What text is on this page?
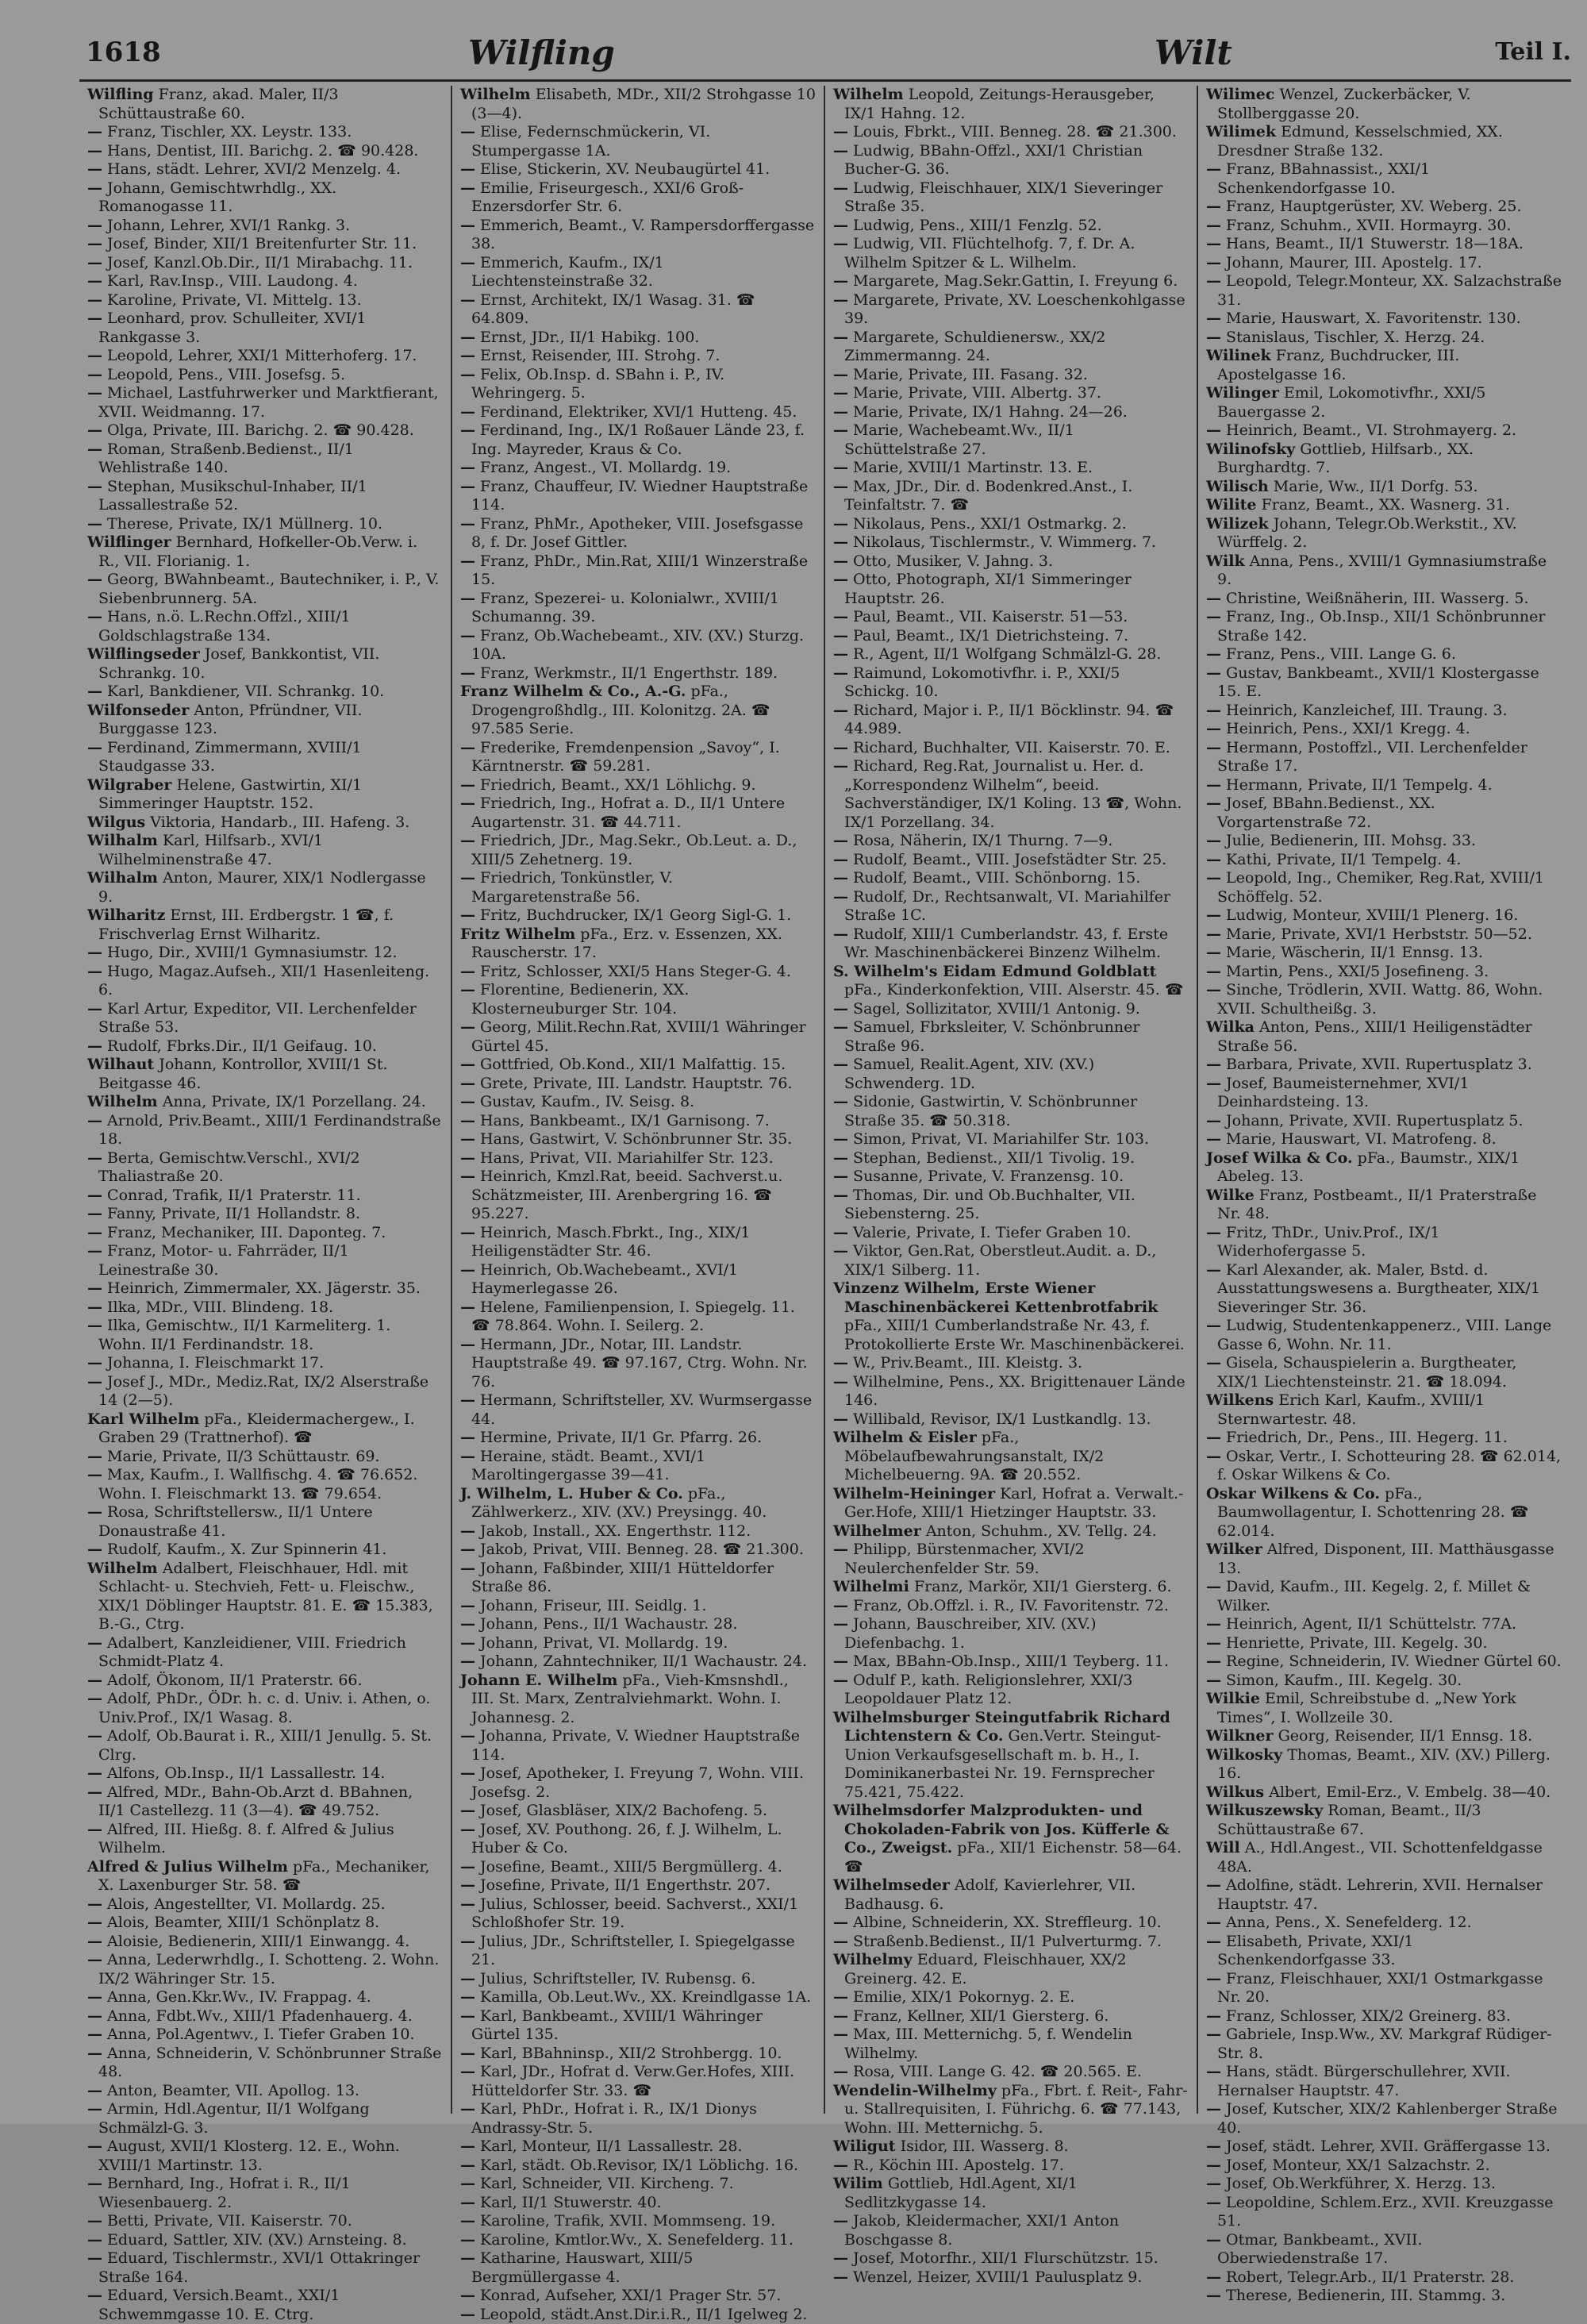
1618	Wilfling	Wilt	Teil I.

Wilfling Franz, akad. Maler, II/3 Schüttaustraße 60.

— Franz, Tischler, XX. Leystr. 133.

— Hans, Dentist, III. Barichg. 2. ☎ 90.428.

— Hans, städt. Lehrer, XVI/2 Menzelg. 4.

— Johann, Gemischtwrhdlg., XX. Romanogasse 11.

— Johann, Lehrer, XVI/1 Rankg. 3.

— Josef, Binder, XII/1 Breitenfurter Str. 11.

— Josef, Kanzl.Ob.Dir., II/1 Mirabachg. 11.

— Karl, Rav.Insp., VIII. Laudong. 4.

— Karoline, Private, VI. Mittelg. 13.

— Leonhard, prov. Schulleiter, XVI/1 Rankgasse 3.

— Leopold, Lehrer, XXI/1 Mitterhoferg. 17.

— Leopold, Pens., VIII. Josefsg. 5.

— Michael, Lastfuhrwerker und Marktfierant, XVII. Weidmanng. 17.

— Olga, Private, III. Barichg. 2. ☎ 90.428.

— Roman, Straßenb.Bedienst., II/1 Wehlistraße 140.

— Stephan, Musikschul-Inhaber, II/1 Lassallestraße 52.

— Therese, Private, IX/1 Müllnerg. 10.

Wilflinger Bernhard, Hofkeller-Ob.Verw. i. R., VII. Florianig. 1.

— Georg, BWahnbeamt., Bautechniker, i. P., V. Siebenbrunnerg. 5A.

— Hans, n.ö. L.Rechn.Offzl., XIII/1 Goldschlagstraße 134.

Wilflingseder Josef, Bankkontist, VII. Schrankg. 10.

— Karl, Bankdiener, VII. Schrankg. 10.

Wilfonseder Anton, Pfründner, VII. Burggasse 123.

— Ferdinand, Zimmermann, XVIII/1 Staudgasse 33.

Wilgraber Helene, Gastwirtin, XI/1 Simmeringer Hauptstr. 152.

Wilgus Viktoria, Handarb., III. Hafeng. 3.

Wilhalm Karl, Hilfsarb., XVI/1 Wilhelminenstraße 47.

Wilhalm Anton, Maurer, XIX/1 Nodlergasse 9.

Wilharitz Ernst, III. Erdbergstr. 1 ☎, f. Frischverlag Ernst Wilharitz.

— Hugo, Dir., XVIII/1 Gymnasiumstr. 12.

— Hugo, Magaz.Aufseh., XII/1 Hasenleiteng. 6.

— Karl Artur, Expeditor, VII. Lerchenfelder Straße 53.

— Rudolf, Fbrks.Dir., II/1 Geifaug. 10.

Wilhaut Johann, Kontrollor, XVIII/1 St. Beitgasse 46.

Wilhelm Anna, Private, IX/1 Porzellang. 24.

— Arnold, Priv.Beamt., XIII/1 Ferdinandstraße 18.

— Berta, Gemischtw.Verschl., XVI/2 Thaliastraße 20.

— Conrad, Trafik, II/1 Praterstr. 11.

— Fanny, Private, II/1 Hollandstr. 8.

— Franz, Mechaniker, III. Daponteg. 7.

— Franz, Motor- u. Fahrräder, II/1 Leinestraße 30.

— Heinrich, Zimmermaler, XX. Jägerstr. 35.

— Ilka, MDr., VIII. Blindeng. 18.

— Ilka, Gemischtw., II/1 Karmeliterg. 1. Wohn. II/1 Ferdinandstr. 18.

— Johanna, I. Fleischmarkt 17.

— Josef J., MDr., Mediz.Rat, IX/2 Alserstraße 14 (2—5).

Karl Wilhelm pFa., Kleidermachergew., I. Graben 29 (Trattnerhof). ☎

— Marie, Private, II/3 Schüttaustr. 69.

— Max, Kaufm., I. Wallfischg. 4. ☎ 76.652. Wohn. I. Fleischmarkt 13. ☎ 79.654.

— Rosa, Schriftstellersw., II/1 Untere Donaustraße 41.

— Rudolf, Kaufm., X. Zur Spinnerin 41.

Wilhelm Adalbert, Fleischhauer, Hdl. mit Schlacht- u. Stechvieh, Fett- u. Fleischw., XIX/1 Döblinger Hauptstr. 81. E. ☎ 15.383, B.-G., Ctrg.

— Adalbert, Kanzleidiener, VIII. Friedrich Schmidt-Platz 4.

— Adolf, Ökonom, II/1 Praterstr. 66.

— Adolf, PhDr., ÖDr. h. c. d. Univ. i. Athen, o. Univ.Prof., IX/1 Wasag. 8.

— Adolf, Ob.Baurat i. R., XIII/1 Jenullg. 5. St. Clrg.

— Alfons, Ob.Insp., II/1 Lassallestr. 14.

— Alfred, MDr., Bahn-Ob.Arzt d. BBahnen, II/1 Castellezg. 11 (3—4). ☎ 49.752.

— Alfred, III. Hießg. 8. f. Alfred & Julius Wilhelm.

Alfred & Julius Wilhelm pFa., Mechaniker, X. Laxenburger Str. 58. ☎

— Alois, Angestellter, VI. Mollardg. 25.

— Alois, Beamter, XIII/1 Schönplatz 8.

— Aloisie, Bedienerin, XIII/1 Einwangg. 4.

— Anna, Lederwrhdlg., I. Schotteng. 2. Wohn. IX/2 Währinger Str. 15.

— Anna, Gen.Kkr.Wv., IV. Frappag. 4.

— Anna, Fdbt.Wv., XIII/1 Pfadenhauerg. 4.

— Anna, Pol.Agentwv., I. Tiefer Graben 10.

— Anna, Schneiderin, V. Schönbrunner Straße 48.

— Anton, Beamter, VII. Apollog. 13.

— Armin, Hdl.Agentur, II/1 Wolfgang Schmälzl-G. 3.

— August, XVII/1 Klosterg. 12. E., Wohn. XVIII/1 Martinstr. 13.

— Bernhard, Ing., Hofrat i. R., II/1 Wiesenbauerg. 2.

— Betti, Private, VII. Kaiserstr. 70.

— Eduard, Sattler, XIV. (XV.) Arnsteing. 8.

— Eduard, Tischlermstr., XVI/1 Ottakringer Straße 164.

— Eduard, Versich.Beamt., XXI/1 Schwemmgasse 10. E. Ctrg.

Wilhelm Elisabeth, MDr., XII/2 Strohgasse 10 (3—4).

— Elise, Federnschmückerin, VI. Stumpergasse 1A.

— Elise, Stickerin, XV. Neubaugürtel 41.

— Emilie, Friseurgesch., XXI/6 Groß-Enzersdorfer Str. 6.

— Emmerich, Beamt., V. Rampersdorffergasse 38.

— Emmerich, Kaufm., IX/1 Liechtensteinstraße 32.

— Ernst, Architekt, IX/1 Wasag. 31. ☎ 64.809.

— Ernst, JDr., II/1 Habikg. 100.

— Ernst, Reisender, III. Strohg. 7.

— Felix, Ob.Insp. d. SBahn i. P., IV. Wehringerg. 5.

— Ferdinand, Elektriker, XVI/1 Hutteng. 45.

— Ferdinand, Ing., IX/1 Roßauer Lände 23, f. Ing. Mayreder, Kraus & Co.

— Franz, Angest., VI. Mollardg. 19.

— Franz, Chauffeur, IV. Wiedner Hauptstraße 114.

— Franz, PhMr., Apotheker, VIII. Josefsgasse 8, f. Dr. Josef Gittler.

— Franz, PhDr., Min.Rat, XIII/1 Winzerstraße 15.

— Franz, Spezerei- u. Kolonialwr., XVIII/1 Schumanng. 39.

— Franz, Ob.Wachebeamt., XIV. (XV.) Sturzg. 10A.

— Franz, Werkmstr., II/1 Engerthstr. 189.

Franz Wilhelm & Co., A.-G. pFa., Drogengroßhdlg., III. Kolonitzg. 2A. ☎ 97.585 Serie.

— Frederike, Fremdenpension „Savoy“, I. Kärntnerstr. ☎ 59.281.

— Friedrich, Beamt., XX/1 Löhlichg. 9.

— Friedrich, Ing., Hofrat a. D., II/1 Untere Augartenstr. 31. ☎ 44.711.

— Friedrich, JDr., Mag.Sekr., Ob.Leut. a. D., XIII/5 Zehetnerg. 19.

— Friedrich, Tonkünstler, V. Margaretenstraße 56.

— Fritz, Buchdrucker, IX/1 Georg Sigl-G. 1.

Fritz Wilhelm pFa., Erz. v. Essenzen, XX. Rauscherstr. 17.

— Fritz, Schlosser, XXI/5 Hans Steger-G. 4.

— Florentine, Bedienerin, XX. Klosterneuburger Str. 104.

— Georg, Milit.Rechn.Rat, XVIII/1 Währinger Gürtel 45.

— Gottfried, Ob.Kond., XII/1 Malfattig. 15.

— Grete, Private, III. Landstr. Hauptstr. 76.

— Gustav, Kaufm., IV. Seisg. 8.

— Hans, Bankbeamt., IX/1 Garnisong. 7.

— Hans, Gastwirt, V. Schönbrunner Str. 35.

— Hans, Privat, VII. Mariahilfer Str. 123.

— Heinrich, Kmzl.Rat, beeid. Sachverst.u. Schätzmeister, III. Arenbergring 16. ☎ 95.227.

— Heinrich, Masch.Fbrkt., Ing., XIX/1 Heiligenstädter Str. 46.

— Heinrich, Ob.Wachebeamt., XVI/1 Haymerlegasse 26.

— Helene, Familienpension, I. Spiegelg. 11. ☎ 78.864. Wohn. I. Seilerg. 2.

— Hermann, JDr., Notar, III. Landstr. Hauptstraße 49. ☎ 97.167, Ctrg. Wohn. Nr. 76.

— Hermann, Schriftsteller, XV. Wurmsergasse 44.

— Hermine, Private, II/1 Gr. Pfarrg. 26.

— Heraine, städt. Beamt., XVI/1 Maroltingergasse 39—41.

J. Wilhelm, L. Huber & Co. pFa., Zählwerkerz., XIV. (XV.) Preysingg. 40.

— Jakob, Install., XX. Engerthstr. 112.

— Jakob, Privat, VIII. Benneg. 28. ☎ 21.300.

— Johann, Faßbinder, XIII/1 Hütteldorfer Straße 86.

— Johann, Friseur, III. Seidlg. 1.

— Johann, Pens., II/1 Wachaustr. 28.

— Johann, Privat, VI. Mollardg. 19.

— Johann, Zahntechniker, II/1 Wachaustr. 24.

Johann E. Wilhelm pFa., Vieh-Kmsnshdl., III. St. Marx, Zentralviehmarkt. Wohn. I. Johannesg. 2.

— Johanna, Private, V. Wiedner Hauptstraße 114.

— Josef, Apotheker, I. Freyung 7, Wohn. VIII. Josefsg. 2.

— Josef, Glasbläser, XIX/2 Bachofeng. 5.

— Josef, XV. Pouthong. 26, f. J. Wilhelm, L. Huber & Co.

— Josefine, Beamt., XIII/5 Bergmüllerg. 4.

— Josefine, Private, II/1 Engerthstr. 207.

— Julius, Schlosser, beeid. Sachverst., XXI/1 Schloßhofer Str. 19.

— Julius, JDr., Schriftsteller, I. Spiegelgasse 21.

— Julius, Schriftsteller, IV. Rubensg. 6.

— Kamilla, Ob.Leut.Wv., XX. Kreindlgasse 1A.

— Karl, Bankbeamt., XVIII/1 Währinger Gürtel 135.

— Karl, BBahninsp., XII/2 Strohbergg. 10.

— Karl, JDr., Hofrat d. Verw.Ger.Hofes, XIII. Hütteldorfer Str. 33. ☎

— Karl, PhDr., Hofrat i. R., IX/1 Dionys Andrassy-Str. 5.

— Karl, Monteur, II/1 Lassallestr. 28.

— Karl, städt. Ob.Revisor, IX/1 Löblichg. 16.

— Karl, Schneider, VII. Kircheng. 7.

— Karl, II/1 Stuwerstr. 40.

— Karoline, Trafik, XVII. Mommseng. 19.

— Karoline, Kmtlor.Wv., X. Senefelderg. 11.

— Katharine, Hauswart, XIII/5 Bergmüllergasse 4.

— Konrad, Aufseher, XXI/1 Prager Str. 57.

— Leopold, städt.Anst.Dir.i.R., II/1 Igelweg 2.

Wilhelm Leopold, Zeitungs-Herausgeber, IX/1 Hahng. 12.

— Louis, Fbrkt., VIII. Benneg. 28. ☎ 21.300.

— Ludwig, BBahn-Offzl., XXI/1 Christian Bucher-G. 36.

— Ludwig, Fleischhauer, XIX/1 Sieveringer Straße 35.

— Ludwig, Pens., XIII/1 Fenzlg. 52.

— Ludwig, VII. Flüchtelhofg. 7, f. Dr. A. Wilhelm Spitzer & L. Wilhelm.

— Margarete, Mag.Sekr.Gattin, I. Freyung 6.

— Margarete, Private, XV. Loeschenkohlgasse 39.

— Margarete, Schuldienersw., XX/2 Zimmermanng. 24.

— Marie, Private, III. Fasang. 32.

— Marie, Private, VIII. Albertg. 37.

— Marie, Private, IX/1 Hahng. 24—26.

— Marie, Wachebeamt.Wv., II/1 Schüttelstraße 27.

— Marie, XVIII/1 Martinstr. 13. E.

— Max, JDr., Dir. d. Bodenkred.Anst., I. Teinfaltstr. 7. ☎

— Nikolaus, Pens., XXI/1 Ostmarkg. 2.

— Nikolaus, Tischlermstr., V. Wimmerg. 7.

— Otto, Musiker, V. Jahng. 3.

— Otto, Photograph, XI/1 Simmeringer Hauptstr. 26.

— Paul, Beamt., VII. Kaiserstr. 51—53.

— Paul, Beamt., IX/1 Dietrichsteing. 7.

— R., Agent, II/1 Wolfgang Schmälzl-G. 28.

— Raimund, Lokomotivfhr. i. P., XXI/5 Schickg. 10.

— Richard, Major i. P., II/1 Böcklinstr. 94. ☎ 44.989.

— Richard, Buchhalter, VII. Kaiserstr. 70. E.

— Richard, Reg.Rat, Journalist u. Her. d. „Korrespondenz Wilhelm“, beeid. Sachverständiger, IX/1 Koling. 13 ☎, Wohn. IX/1 Porzellang. 34.

— Rosa, Näherin, IX/1 Thurng. 7—9.

— Rudolf, Beamt., VIII. Josefstädter Str. 25.

— Rudolf, Beamt., VIII. Schönborng. 15.

— Rudolf, Dr., Rechtsanwalt, VI. Mariahilfer Straße 1C.

— Rudolf, XIII/1 Cumberlandstr. 43, f. Erste Wr. Maschinenbäckerei Binzenz Wilhelm.

S. Wilhelm's Eidam Edmund Goldblatt pFa., Kinderkonfektion, VIII. Alserstr. 45. ☎

— Sagel, Sollizitator, XVIII/1 Antonig. 9.

— Samuel, Fbrksleiter, V. Schönbrunner Straße 96.

— Samuel, Realit.Agent, XIV. (XV.) Schwenderg. 1D.

— Sidonie, Gastwirtin, V. Schönbrunner Straße 35. ☎ 50.318.

— Simon, Privat, VI. Mariahilfer Str. 103.

— Stephan, Bedienst., XII/1 Tivolig. 19.

— Susanne, Private, V. Franzensg. 10.

— Thomas, Dir. und Ob.Buchhalter, VII. Siebensterng. 25.

— Valerie, Private, I. Tiefer Graben 10.

— Viktor, Gen.Rat, Oberstleut.Audit. a. D., XIX/1 Silberg. 11.

Vinzenz Wilhelm, Erste Wiener Maschinenbäckerei Kettenbrotfabrik pFa., XIII/1 Cumberlandstraße Nr. 43, f. Protokollierte Erste Wr. Maschinenbäckerei.

— W., Priv.Beamt., III. Kleistg. 3.

— Wilhelmine, Pens., XX. Brigittenauer Lände 146.

— Willibald, Revisor, IX/1 Lustkandlg. 13.

Wilhelm & Eisler pFa., Möbelaufbewahrungsanstalt, IX/2 Michelbeuerng. 9A. ☎ 20.552.

Wilhelm-Heininger Karl, Hofrat a. Verwalt.-Ger.Hofe, XIII/1 Hietzinger Hauptstr. 33.

Wilhelmer Anton, Schuhm., XV. Tellg. 24.

— Philipp, Bürstenmacher, XVI/2 Neulerchenfelder Str. 59.

Wilhelmi Franz, Markör, XII/1 Giersterg. 6.

— Franz, Ob.Offzl. i. R., IV. Favoritenstr. 72.

— Johann, Bauschreiber, XIV. (XV.) Diefenbachg. 1.

— Max, BBahn-Ob.Insp., XIII/1 Teyberg. 11.

— Odulf P., kath. Religionslehrer, XXI/3 Leopoldauer Platz 12.

Wilhelmsburger Steingutfabrik Richard Lichtenstern & Co. Gen.Vertr. Steingut-Union Verkaufsgesellschaft m. b. H., I. Dominikanerbastei Nr. 19. Fernsprecher 75.421, 75.422.

Wilhelmsdorfer Malzprodukten- und Chokoladen-Fabrik von Jos. Küfferle & Co., Zweigst. pFa., XII/1 Eichenstr. 58—64. ☎

Wilhelmseder Adolf, Kavierlehrer, VII. Badhausg. 6.

— Albine, Schneiderin, XX. Streffleurg. 10.

— Straßenb.Bedienst., II/1 Pulverturmg. 7.

Wilhelmy Eduard, Fleischhauer, XX/2 Greinerg. 42. E.

— Emilie, XIX/1 Pokornyg. 2. E.

— Franz, Kellner, XII/1 Giersterg. 6.

— Max, III. Metternichg. 5, f. Wendelin Wilhelmy.

— Rosa, VIII. Lange G. 42. ☎ 20.565. E.

Wendelin-Wilhelmy pFa., Fbrt. f. Reit-, Fahr- u. Stallrequisiten, I. Führichg. 6. ☎ 77.143, Wohn. III. Metternichg. 5.

Wiligut Isidor, III. Wasserg. 8.

— R., Köchin III. Apostelg. 17.

Wilim Gottlieb, Hdl.Agent, XI/1 Sedlitzkygasse 14.

— Jakob, Kleidermacher, XXI/1 Anton Boschgasse 8.

— Josef, Motorfhr., XII/1 Flurschützstr. 15.

— Wenzel, Heizer, XVIII/1 Paulusplatz 9.

Wilimec Wenzel, Zuckerbäcker, V. Stollberggasse 20.

Wilimek Edmund, Kesselschmied, XX. Dresdner Straße 132.

— Franz, BBahnassist., XXI/1 Schenkendorfgasse 10.

— Franz, Hauptgerüster, XV. Weberg. 25.

— Franz, Schuhm., XVII. Hormayrg. 30.

— Hans, Beamt., II/1 Stuwerstr. 18—18A.

— Johann, Maurer, III. Apostelg. 17.

— Leopold, Telegr.Monteur, XX. Salzachstraße 31.

— Marie, Hauswart, X. Favoritenstr. 130.

— Stanislaus, Tischler, X. Herzg. 24.

Wilinek Franz, Buchdrucker, III. Apostelgasse 16.

Wilinger Emil, Lokomotivfhr., XXI/5 Bauergasse 2.

— Heinrich, Beamt., VI. Strohmayerg. 2.

Wilinofsky Gottlieb, Hilfsarb., XX. Burghardtg. 7.

Wilisch Marie, Ww., II/1 Dorfg. 53.

Wilite Franz, Beamt., XX. Wasnerg. 31.

Wilizek Johann, Telegr.Ob.Werkstit., XV. Würffelg. 2.

Wilk Anna, Pens., XVIII/1 Gymnasiumstraße 9.

— Christine, Weißnäherin, III. Wasserg. 5.

— Franz, Ing., Ob.Insp., XII/1 Schönbrunner Straße 142.

— Franz, Pens., VIII. Lange G. 6.

— Gustav, Bankbeamt., XVII/1 Klostergasse 15. E.

— Heinrich, Kanzleichef, III. Traung. 3.

— Heinrich, Pens., XXI/1 Kregg. 4.

— Hermann, Postoffzl., VII. Lerchenfelder Straße 17.

— Hermann, Private, II/1 Tempelg. 4.

— Josef, BBahn.Bedienst., XX. Vorgartenstraße 72.

— Julie, Bedienerin, III. Mohsg. 33.

— Kathi, Private, II/1 Tempelg. 4.

— Leopold, Ing., Chemiker, Reg.Rat, XVIII/1 Schöffelg. 52.

— Ludwig, Monteur, XVIII/1 Plenerg. 16.

— Marie, Private, XVI/1 Herbststr. 50—52.

— Marie, Wäscherin, II/1 Ennsg. 13.

— Martin, Pens., XXI/5 Josefineng. 3.

— Sinche, Trödlerin, XVII. Wattg. 86, Wohn. XVII. Schultheißg. 3.

Wilka Anton, Pens., XIII/1 Heiligenstädter Straße 56.

— Barbara, Private, XVII. Rupertusplatz 3.

— Josef, Baumeisternehmer, XVI/1 Deinhardsteing. 13.

— Johann, Private, XVII. Rupertusplatz 5.

— Marie, Hauswart, VI. Matrofeng. 8.

Josef Wilka & Co. pFa., Baumstr., XIX/1 Abeleg. 13.

Wilke Franz, Postbeamt., II/1 Praterstraße Nr. 48.

— Fritz, ThDr., Univ.Prof., IX/1 Widerhofergasse 5.

— Karl Alexander, ak. Maler, Bstd. d. Ausstattungswesens a. Burgtheater, XIX/1 Sieveringer Str. 36.

— Ludwig, Studentenkappenerz., VIII. Lange Gasse 6, Wohn. Nr. 11.

— Gisela, Schauspielerin a. Burgtheater, XIX/1 Liechtensteinstr. 21. ☎ 18.094.

Wilkens Erich Karl, Kaufm., XVIII/1 Sternwartestr. 48.

— Friedrich, Dr., Pens., III. Hegerg. 11.

— Oskar, Vertr., I. Schotteuring 28. ☎ 62.014, f. Oskar Wilkens & Co.

Oskar Wilkens & Co. pFa., Baumwollagentur, I. Schottenring 28. ☎ 62.014.

Wilker Alfred, Disponent, III. Matthäusgasse 13.

— David, Kaufm., III. Kegelg. 2, f. Millet & Wilker.

— Heinrich, Agent, II/1 Schüttelstr. 77A.

— Henriette, Private, III. Kegelg. 30.

— Regine, Schneiderin, IV. Wiedner Gürtel 60.

— Simon, Kaufm., III. Kegelg. 30.

Wilkie Emil, Schreibstube d. „New York Times“, I. Wollzeile 30.

Wilkner Georg, Reisender, II/1 Ennsg. 18.

Wilkosky Thomas, Beamt., XIV. (XV.) Pillerg. 16.

Wilkus Albert, Emil-Erz., V. Embelg. 38—40.

Wilkuszewsky Roman, Beamt., II/3 Schüttaustraße 67.

Will A., Hdl.Angest., VII. Schottenfeldgasse 48A.

— Adolfine, städt. Lehrerin, XVII. Hernalser Hauptstr. 47.

— Anna, Pens., X. Senefelderg. 12.

— Elisabeth, Private, XXI/1 Schenkendorfgasse 33.

— Franz, Fleischhauer, XXI/1 Ostmarkgasse Nr. 20.

— Franz, Schlosser, XIX/2 Greinerg. 83.

— Gabriele, Insp.Ww., XV. Markgraf Rüdiger-Str. 8.

— Hans, städt. Bürgerschullehrer, XVII. Hernalser Hauptstr. 47.

— Josef, Kutscher, XIX/2 Kahlenberger Straße 40.

— Josef, städt. Lehrer, XVII. Gräffergasse 13.

— Josef, Monteur, XX/1 Salzachstr. 2.

— Josef, Ob.Werkführer, X. Herzg. 13.

— Leopoldine, Schlem.Erz., XVII. Kreuzgasse 51.

— Otmar, Bankbeamt., XVII. Oberwiedenstraße 17.

— Robert, Telegr.Arb., II/1 Praterstr. 28.

— Therese, Bedienerin, III. Stammg. 3.
